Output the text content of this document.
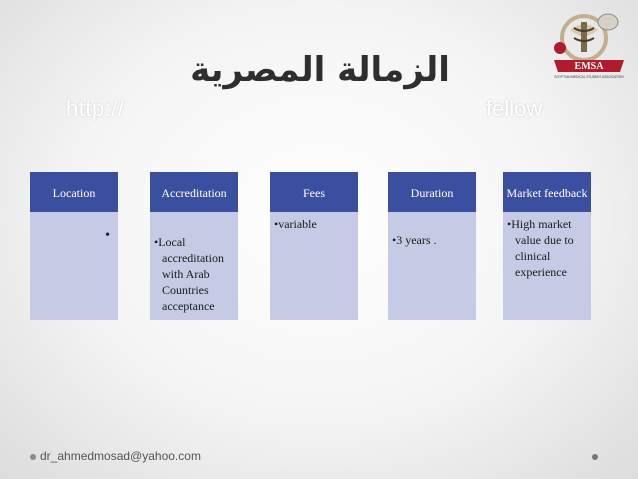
http://	fellow
الزمالة المصرية	EMSA
EGYPTIAN MEDICAL STUDENT ASSOCIATION
Location
•
Accreditation
•Local accreditation with Arab Countries acceptance
Fees
•variable
Duration
•3 years .
Market feedback
•High market value due to clinical experience
dr_ahmedmosad@yahoo.com
